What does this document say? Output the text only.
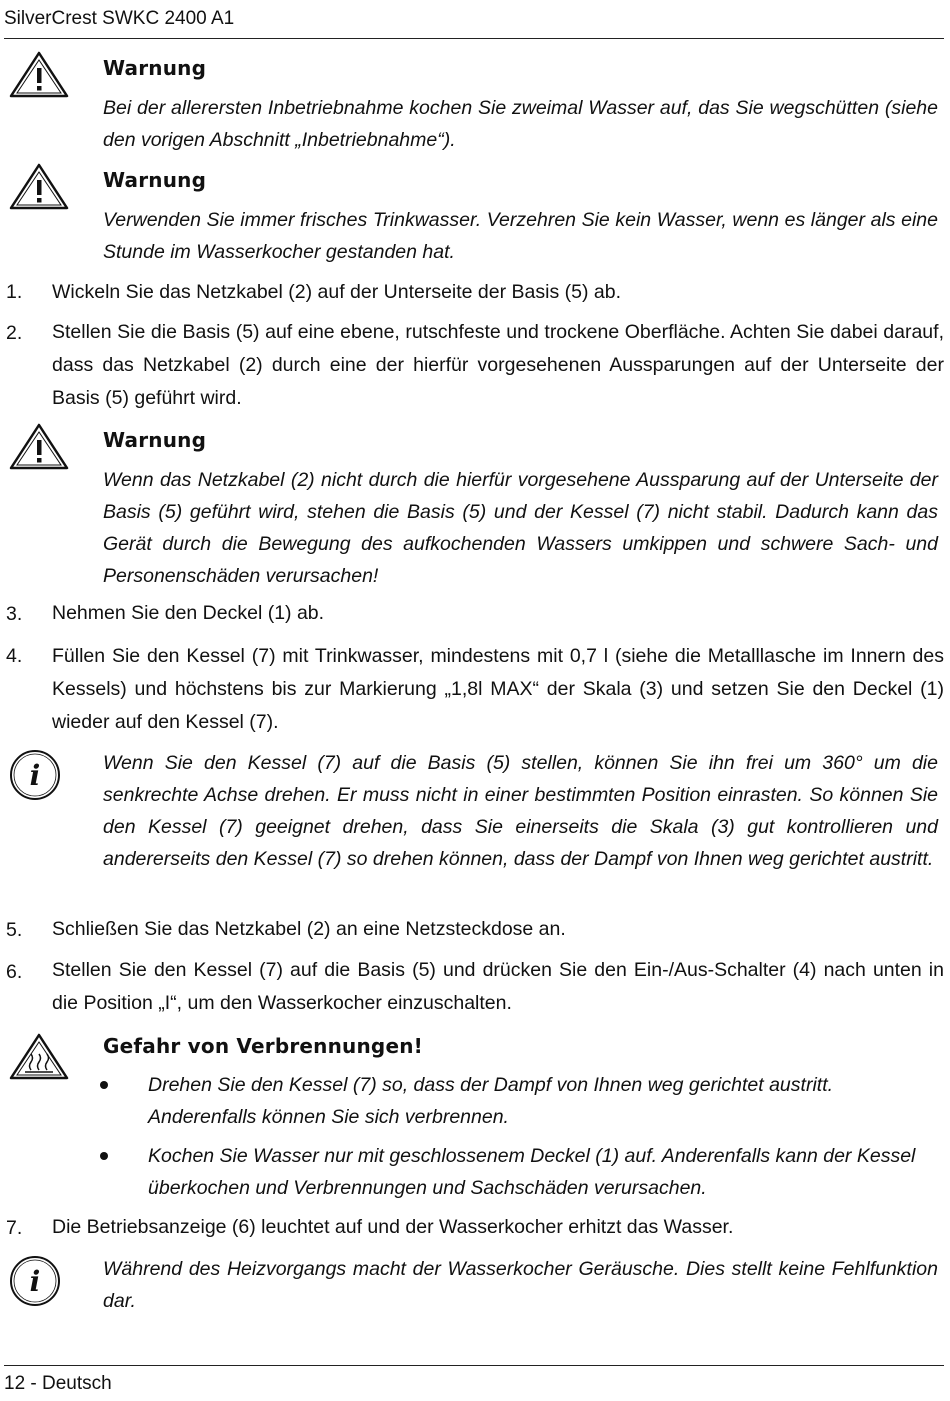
SilverCrest SWKC 2400 A1
Warnung
Bei der allerersten Inbetriebnahme kochen Sie zweimal Wasser auf, das Sie wegschütten (siehe den vorigen Abschnitt „Inbetriebnahme“).
Warnung
Verwenden Sie immer frisches Trinkwasser. Verzehren Sie kein Wasser, wenn es länger als eine Stunde im Wasserkocher gestanden hat.
1. Wickeln Sie das Netzkabel (2) auf der Unterseite der Basis (5) ab.
2. Stellen Sie die Basis (5) auf eine ebene, rutschfeste und trockene Oberfläche. Achten Sie dabei darauf, dass das Netzkabel (2) durch eine der hierfür vorgesehenen Aussparungen auf der Unterseite der Basis (5) geführt wird.
Warnung
Wenn das Netzkabel (2) nicht durch die hierfür vorgesehene Aussparung auf der Unterseite der Basis (5) geführt wird, stehen die Basis (5) und der Kessel (7) nicht stabil. Dadurch kann das Gerät durch die Bewegung des aufkochenden Wassers umkippen und schwere Sach- und Personenschäden verursachen!
3. Nehmen Sie den Deckel (1) ab.
4. Füllen Sie den Kessel (7) mit Trinkwasser, mindestens mit 0,7 l (siehe die Metalllasche im Innern des Kessels) und höchstens bis zur Markierung „1,8l MAX“ der Skala (3) und setzen Sie den Deckel (1) wieder auf den Kessel (7).
i	Wenn Sie den Kessel (7) auf die Basis (5) stellen, können Sie ihn frei um 360° um die senkrechte Achse drehen. Er muss nicht in einer bestimmten Position einrasten. So können Sie den Kessel (7) geeignet drehen, dass Sie einerseits die Skala (3) gut kontrollieren und andererseits den Kessel (7) so drehen können, dass der Dampf von Ihnen weg gerichtet austritt.
5. Schließen Sie das Netzkabel (2) an eine Netzsteckdose an.
6. Stellen Sie den Kessel (7) auf die Basis (5) und drücken Sie den Ein-/Aus-Schalter (4) nach unten in die Position „I“, um den Wasserkocher einzuschalten.
Gefahr von Verbrennungen!
Drehen Sie den Kessel (7) so, dass der Dampf von Ihnen weg gerichtet austritt. Anderenfalls können Sie sich verbrennen.
Kochen Sie Wasser nur mit geschlossenem Deckel (1) auf. Anderenfalls kann der Kessel überkochen und Verbrennungen und Sachschäden verursachen.
7. Die Betriebsanzeige (6) leuchtet auf und der Wasserkocher erhitzt das Wasser.
i	Während des Heizvorgangs macht der Wasserkocher Geräusche. Dies stellt keine Fehlfunktion dar.
12 - Deutsch
